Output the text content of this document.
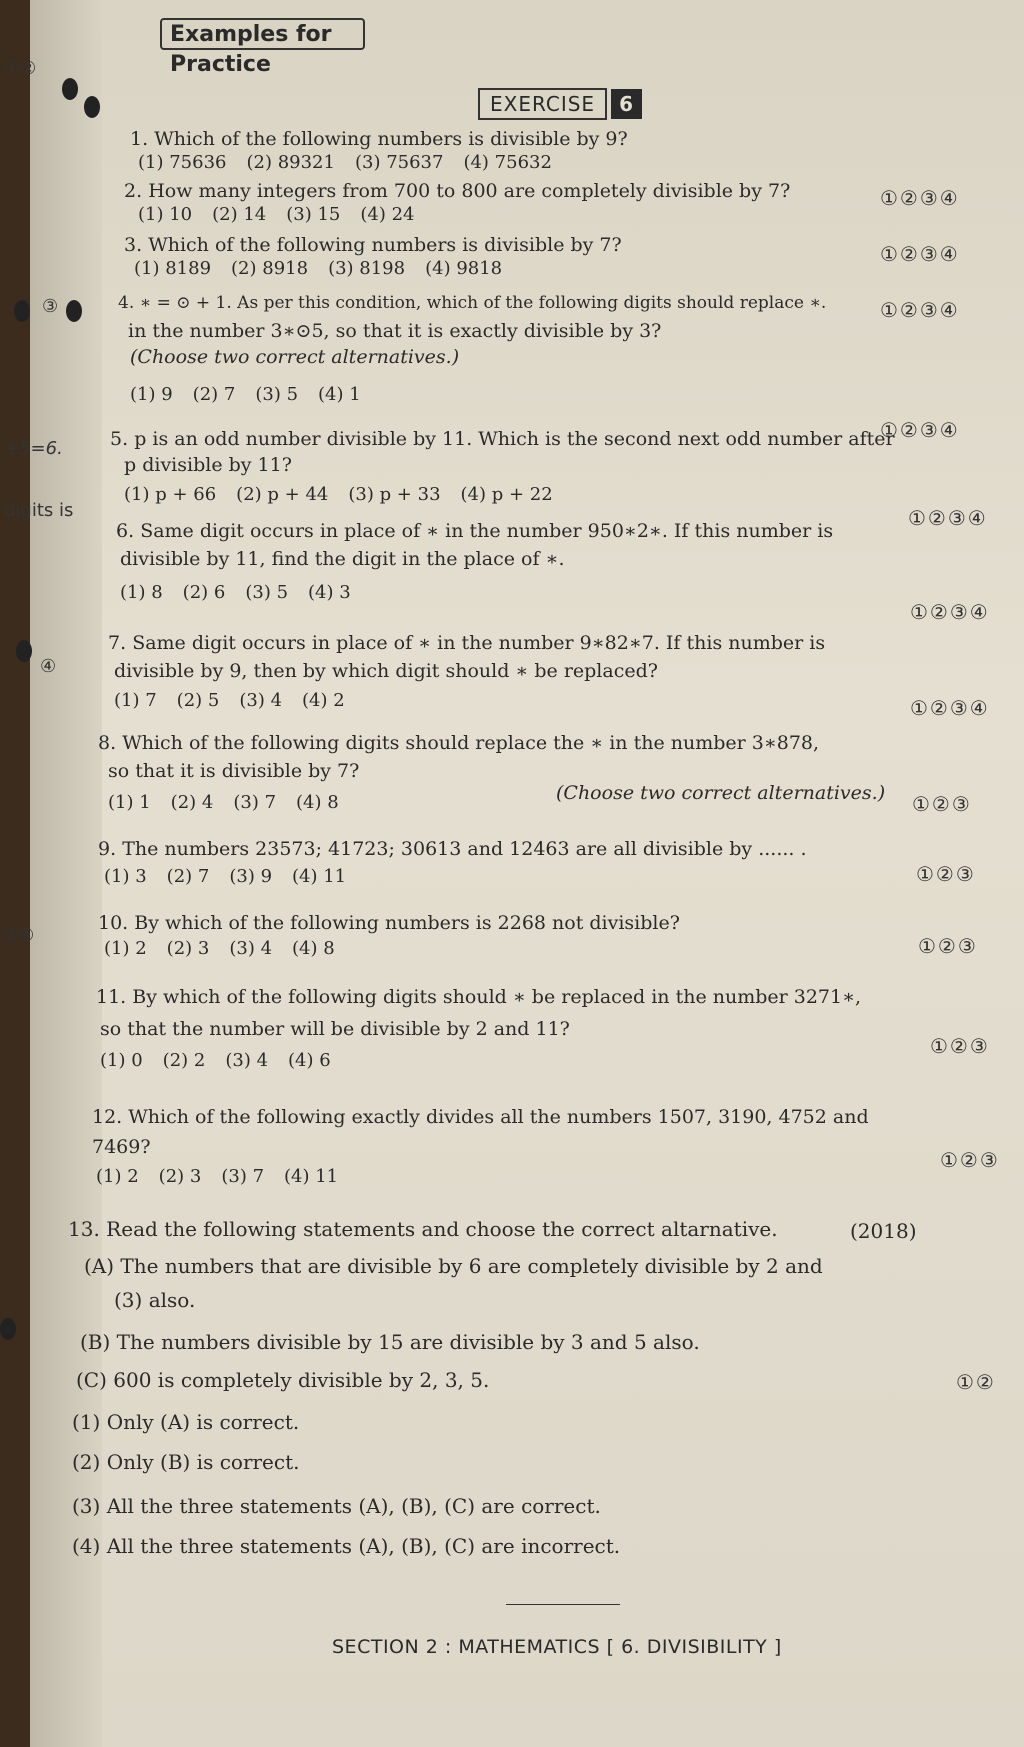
①②
③
+5=6.
digits is
④
③④
Examples for Practice
EXERCISE 6
1. Which of the following numbers is divisible by 9?
(1) 75636 (2) 89321 (3) 75637 (4) 75632
①②③④
2. How many integers from 700 to 800 are completely divisible by 7?
(1) 10 (2) 14 (3) 15 (4) 24
①②③④
3. Which of the following numbers is divisible by 7?
(1) 8189 (2) 8918 (3) 8198 (4) 9818
①②③④
4. ∗ = ⊙ + 1. As per this condition, which of the following digits should replace ∗.
in the number 3∗⊙5, so that it is exactly divisible by 3?
(Choose two correct alternatives.)
(1) 9 (2) 7 (3) 5 (4) 1
①②③④
5. p is an odd number divisible by 11. Which is the second next odd number after
p divisible by 11?
(1) p + 66 (2) p + 44 (3) p + 33 (4) p + 22
①②③④
6. Same digit occurs in place of ∗ in the number 950∗2∗. If this number is
divisible by 11, find the digit in the place of ∗.
(1) 8 (2) 6 (3) 5 (4) 3
①②③④
7. Same digit occurs in place of ∗ in the number 9∗82∗7. If this number is
divisible by 9, then by which digit should ∗ be replaced?
(1) 7 (2) 5 (3) 4 (4) 2	①②③④
8. Which of the following digits should replace the ∗ in the number 3∗878,
so that it is divisible by 7?
(Choose two correct alternatives.)
(1) 1 (2) 4 (3) 7 (4) 8	①②③
9. The numbers 23573; 41723; 30613 and 12463 are all divisible by ...... .
(1) 3 (2) 7 (3) 9 (4) 11	①②③
10. By which of the following numbers is 2268 not divisible?
(1) 2 (2) 3 (3) 4 (4) 8	①②③
11. By which of the following digits should ∗ be replaced in the number 3271∗,
so that the number will be divisible by 2 and 11?
(1) 0 (2) 2 (3) 4 (4) 6
①②③
12. Which of the following exactly divides all the numbers 1507, 3190, 4752 and
7469?
(1) 2 (2) 3 (3) 7 (4) 11
①②③
13. Read the following statements and choose the correct altarnative.	(2018)
(A) The numbers that are divisible by 6 are completely divisible by 2 and
(3) also.
(B) The numbers divisible by 15 are divisible by 3 and 5 also.
(C) 600 is completely divisible by 2, 3, 5.	①②
(1) Only (A) is correct.
(2) Only (B) is correct.
(3) All the three statements (A), (B), (C) are correct.
(4) All the three statements (A), (B), (C) are incorrect.
SECTION 2 : MATHEMATICS [ 6. DIVISIBILITY ]
